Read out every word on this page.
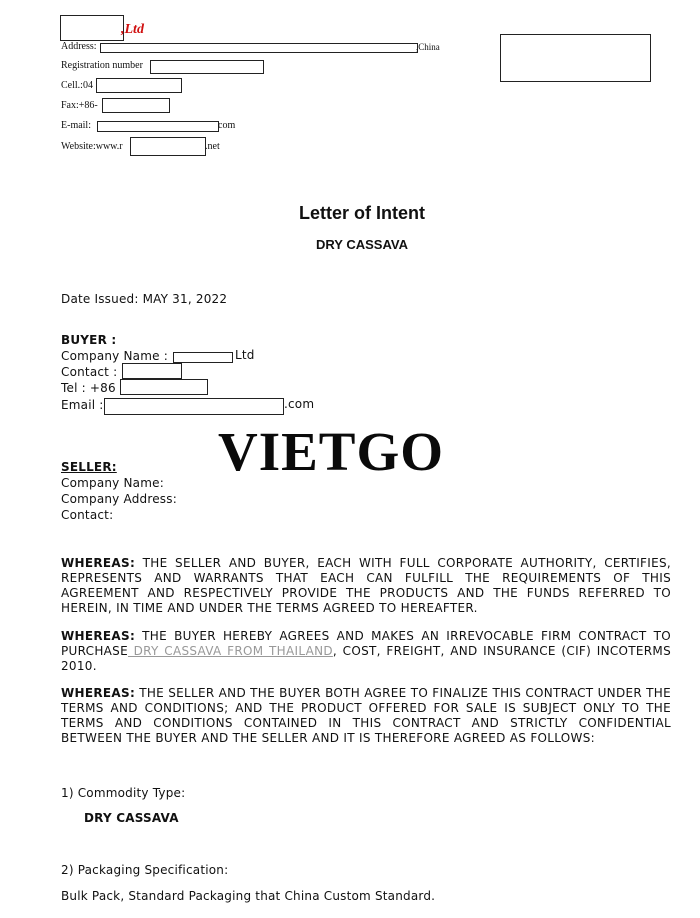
,Ltd
Address:	,China
Registration number
Cell.:04
Fax:+86-
E-mail:	com
Website:www.r	.net
Letter of Intent
DRY CASSAVA
Date Issued: MAY 31, 2022
BUYER :
Company Name :	Ltd
Contact :
Tel : +86
Email :	.com
VIETGO
SELLER:
Company Name:
Company Address:
Contact:
WHEREAS: THE SELLER AND BUYER, EACH WITH FULL CORPORATE AUTHORITY, CERTIFIES, REPRESENTS AND WARRANTS THAT EACH CAN FULFILL THE REQUIREMENTS OF THIS AGREEMENT AND RESPECTIVELY PROVIDE THE PRODUCTS AND THE FUNDS REFERRED TO HEREIN, IN TIME AND UNDER THE TERMS AGREED TO HEREAFTER.
WHEREAS: THE BUYER HEREBY AGREES AND MAKES AN IRREVOCABLE FIRM CONTRACT TO PURCHASE DRY CASSAVA FROM THAILAND, COST, FREIGHT, AND INSURANCE (CIF) INCOTERMS 2010.
WHEREAS: THE SELLER AND THE BUYER BOTH AGREE TO FINALIZE THIS CONTRACT UNDER THE TERMS AND CONDITIONS; AND THE PRODUCT OFFERED FOR SALE IS SUBJECT ONLY TO THE TERMS AND CONDITIONS CONTAINED IN THIS CONTRACT AND STRICTLY CONFIDENTIAL BETWEEN THE BUYER AND THE SELLER AND IT IS THEREFORE AGREED AS FOLLOWS:
1) Commodity Type:
DRY CASSAVA
2) Packaging Specification:
Bulk Pack, Standard Packaging that China Custom Standard.
